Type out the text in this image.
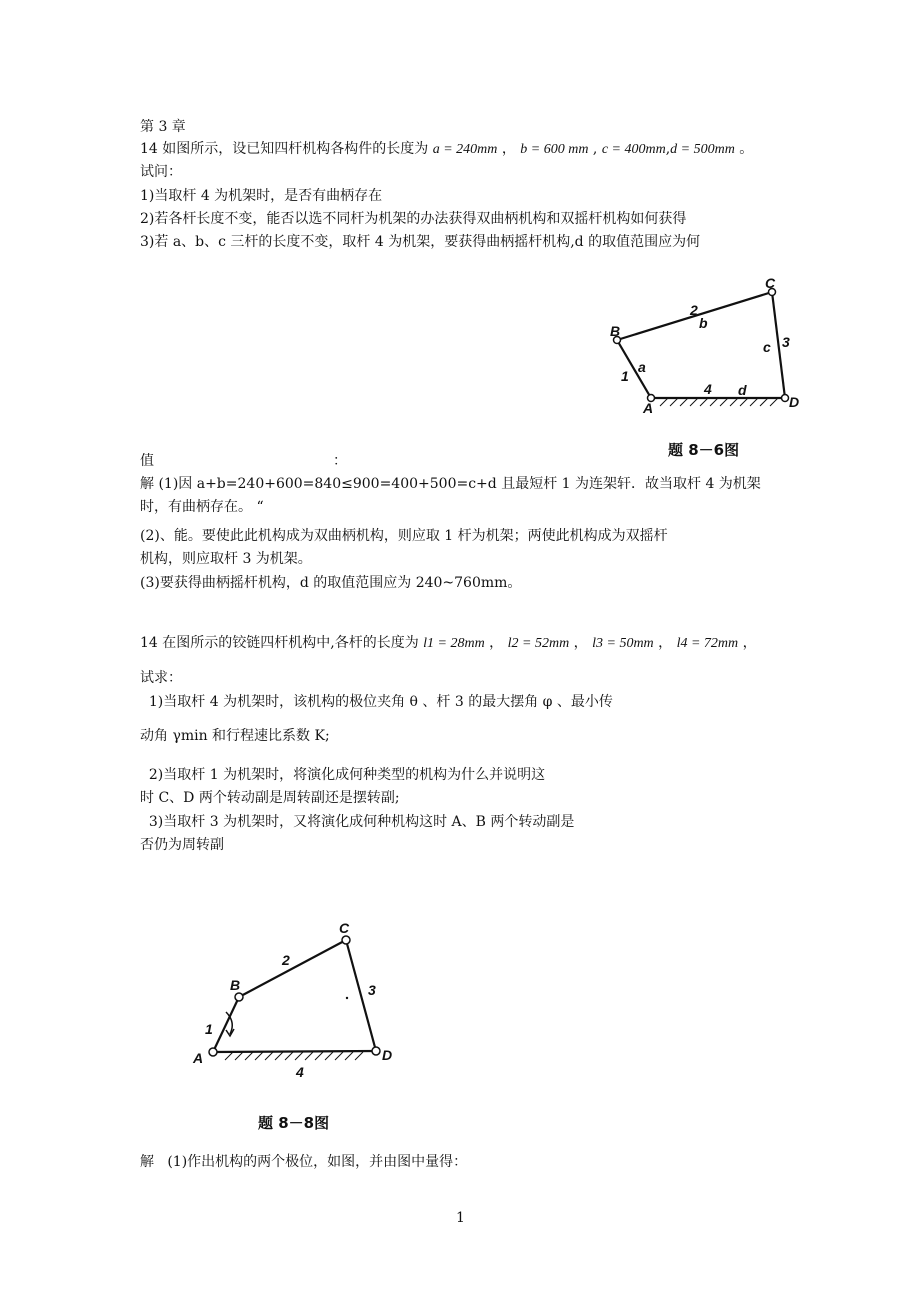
第 3 章
14 如图所示，设已知四杆机构各构件的长度为 a = 240mm ， b = 600 mm , c = 400mm,d = 500mm 。
试问：
1)当取杆 4 为机架时，是否有曲柄存在
2)若各杆长度不变，能否以选不同杆为机架的办法获得双曲柄机构和双摇杆机构如何获得
3)若 a、b、c 三杆的长度不变，取杆 4 为机架，要获得曲柄摇杆机构,d 的取值范围应为何
A
B
C
D
1
2
3
4
a
b
c
d
题 8－6图
值	：
解 (1)因 a+b=240+600=840≤900=400+500=c+d 且最短杆 1 为连架轩．故当取杆 4 为机架
时，有曲柄存在。 “
(2)、能。要使此此机构成为双曲柄机构，则应取 1 杆为机架；两使此机构成为双摇杆
机构，则应取杆 3 为机架。
(3)要获得曲柄摇杆机构，d 的取值范围应为 240~760mm。
14 在图所示的铰链四杆机构中,各杆的长度为 l1 = 28mm ， l2 = 52mm ， l3 = 50mm ， l4 = 72mm ，
试求：
1)当取杆 4 为机架时，该机构的极位夹角 θ 、杆 3 的最大摆角 φ 、最小传
动角 γmin 和行程速比系数 K;
2)当取杆 1 为机架时，将演化成何种类型的机构为什么并说明这
时 C、D 两个转动副是周转副还是摆转副;
3)当取杆 3 为机架时，又将演化成何种机构这时 A、B 两个转动副是
否仍为周转副
A
B
C
D
1
2
3
4
题 8－8图
解   (1)作出机构的两个极位，如图，并由图中量得：
1
